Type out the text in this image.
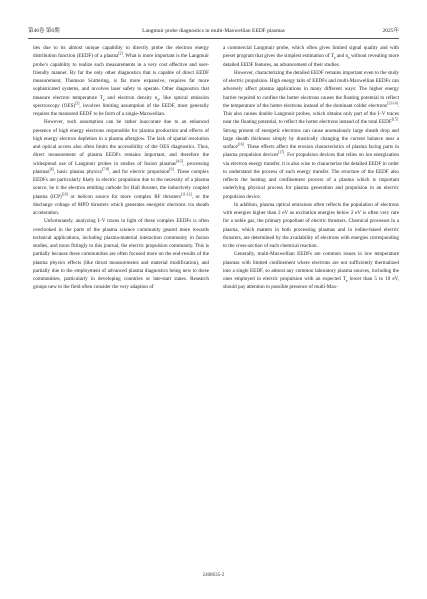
第46卷 第6期	Langmuir probe diagnostics in multi-Maxwellian EEDF plasmas	2025年

ties due to its almost unique capability to directly probe the electron energy distribution function (EEDF) of a plasma[2]. What is more important is the Langmuir probe’s capability to realize such measurements in a very cost effective and user-friendly manner. By far the only other diagnostics that is capable of direct EEDF measurement, Thomson Scattering, is far more expansive, requires far more sophisticated systems, and involves laser safety to operate. Other diagnostics that measure electron temperature $T_e$ and electron density $n_e$, like optical emission spectroscopy (OES)[3], involves limiting assumption of the EEDF, most generally requires the measured EEDF to be form of a single-Maxwellian.

However, such assumption can be rather inaccurate due to an enhanced presence of high energy electrons responsible for plasma production and effects of high energy electron depletion in a plasma afterglow. The lack of spatial resolution and optical access also often limits the accessibility of the OES diagnostics. Thus, direct measurement of plasma EEDFs remains important, and therefore the widespread use of Langmuir probes in studies of fusion plasmas[4-5], processing plasmas[6], basic plasma physics[7-8], and for electric propulsion[9]. These complex EEDFs are particularly likely in electric propulsion due to the necessity of a plasma source, be it the electron emitting cathode for Hall thruster, the inductively coupled plasma (ICP)[10] or helicon source for more complex RF thrusters[11-12], or the discharge voltage of MPD thrusters which generates energetic electrons via sheath acceleration.

Unfortunately, analyzing I–V traces in light of these complex EEDFs is often overlooked in the parts of the plasma science community geared more towards technical applications, including plasma-material interaction community in fusion studies, and more fittingly to this journal, the electric propulsion community. This is partially because these communities are often focused more on the end-results of the plasma physics effects (like thrust measurements and material modification), and partially due to the employment of advanced plasma diagnostics being new to these communities, particularly in developing countries or late-start states. Research groups new to the field often consider the very adaption of

a commercial Langmuir probe, which often gives limited signal quality and with preset program that gives the simplest estimation of $T_e$ and $n_e$ without revealing more detailed EEDF features, an advancement of their studies.

However, characterizing the detailed EEDF remains important even to the study of electric propulsion. High energy tails of EEDFs and multi-Maxwellian EEDFs can adversely affect plasma applications in many different ways: The higher energy barrier required to confine the hotter electrons causes the floating potential to reflect the temperature of the hotter electrons instead of the dominant colder electrons[13-14]. This also causes double Langmuir probes, which obtains only part of the I–V traces near the floating potential, to reflect the hotter electrons instead of the total EEDF[15]. Strong present of energetic electrons can cause anomalously large sheath drop and large sheath thickness simply by drastically changing the current balance near a surface[16]. These effects affect the erosion characteristics of plasma facing parts in plasma propulsion devices[17]. For propulsion devices that relies on ion energization via electron energy transfer, it is also wise to characterize the detailed EEDF in order to understand the process of such energy transfer. The structure of the EEDF also reflects the heating and confinement process of a plasma which is important underlying physical process for plasma generation and propulsion in an electric propulsion device.

In addition, plasma optical emissions often reflects the population of electrons with energies higher than 2 eV as excitation energies below 2 eV is often very rare for a noble gas, the primary propellant of electric thrusters. Chemical processes in a plasma, which matters in both processing plasmas and in iodine-based electric thrusters, are determined by the availability of electrons with energies corresponding to the cross-section of each chemical reaction.

Generally, multi-Maxwellian EEDFs are common issues in low temperature plasmas with limited confinement where electrons are not sufficiently thermalized into a single EEDF, so almost any common laboratory plasma sources, including the ones employed in electric propulsion with an expected $T_e$ lower than 5 to 10 eV, should pay attention to possible presence of multi-Max-

2408035-2
